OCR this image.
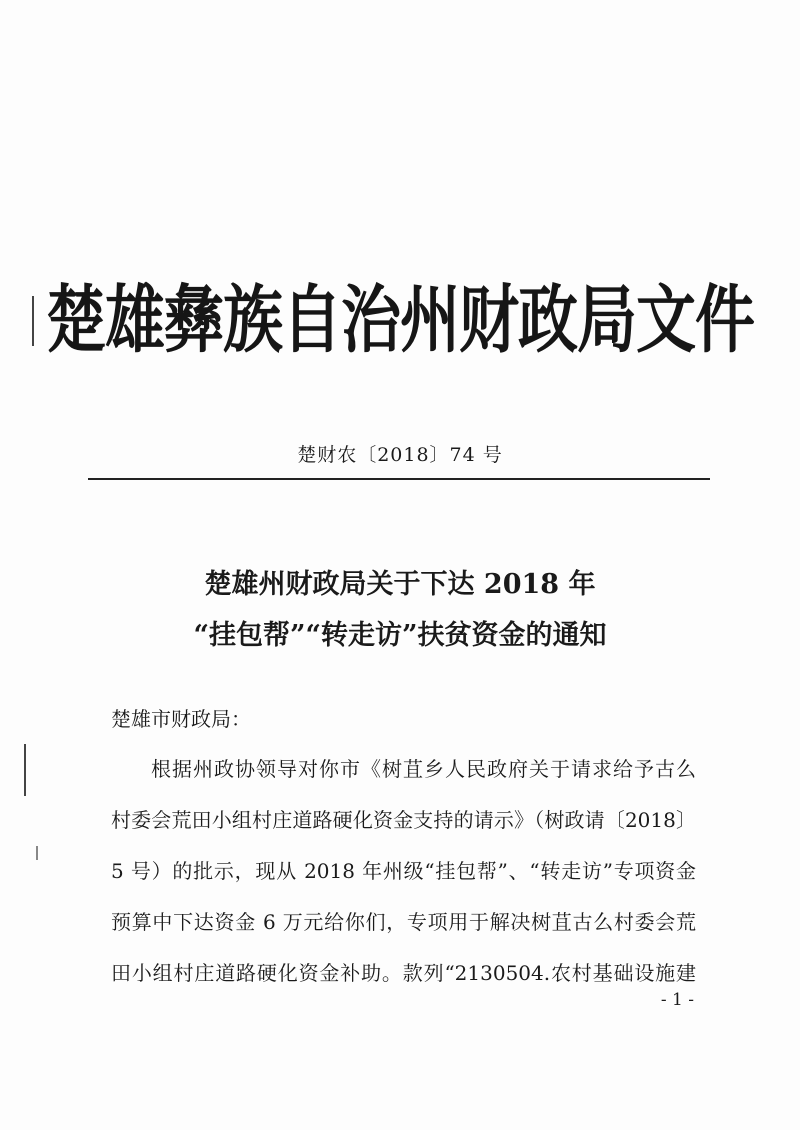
楚雄彝族自治州财政局文件
楚财农〔2018〕74 号
楚雄州财政局关于下达 2018 年
“挂包帮”“转走访”扶贫资金的通知
楚雄市财政局：
根据州政协领导对你市《树苴乡人民政府关于请求给予古么
村委会荒田小组村庄道路硬化资金支持的请示》（树政请〔2018〕
5 号）的批示，现从 2018 年州级“挂包帮”、“转走访”专项资金
预算中下达资金 6 万元给你们，专项用于解决树苴古么村委会荒
田小组村庄道路硬化资金补助。款列“2130504.农村基础设施建
- 1 -
